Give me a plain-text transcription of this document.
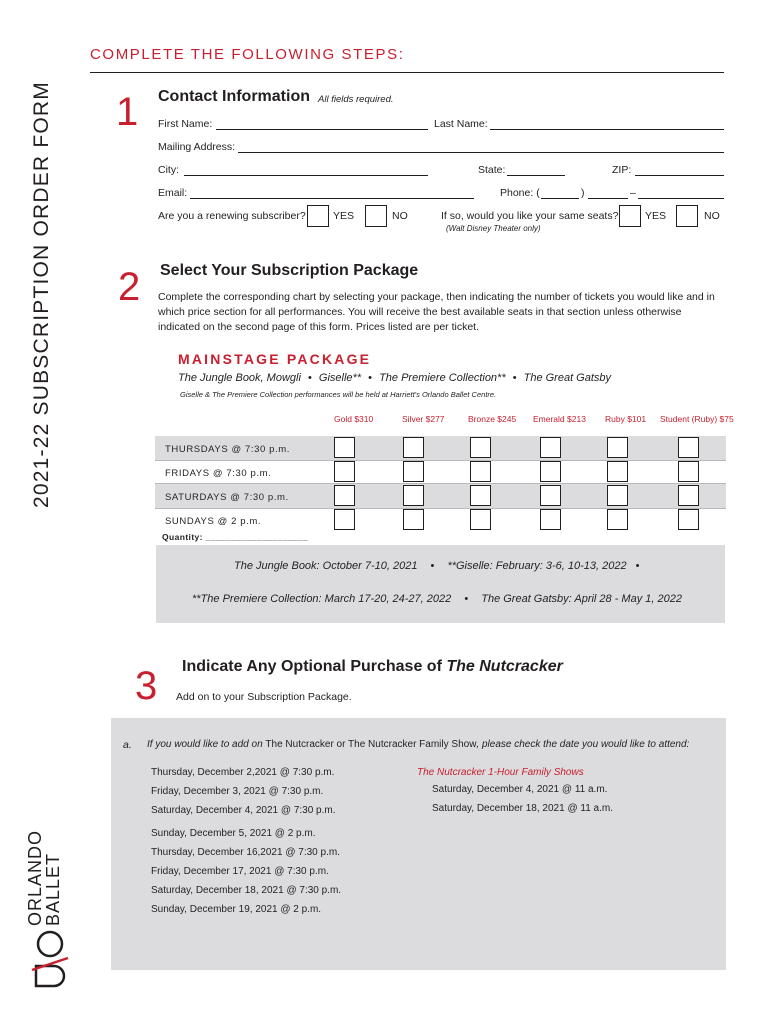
2021-22 SUBSCRIPTION ORDER FORM
ORLANDO
BALLET
COMPLETE THE FOLLOWING STEPS:
1 Contact Information All fields required.
First Name:	Last Name:
Mailing Address:
City:	State:	ZIP:
Email:	Phone: (	)	–
Are you a renewing subscriber?	YES	NO	If so, would you like your same seats?	YES	NO
(Walt Disney Theater only)
2 Select Your Subscription Package
Complete the corresponding chart by selecting your package, then indicating the number of tickets you would like and in which price section for all performances. You will receive the best available seats in that section unless otherwise indicated on the second page of this form. Prices listed are per ticket.
MAINSTAGE PACKAGE
The Jungle Book, Mowgli • Giselle** • The Premiere Collection** • The Great Gatsby
Giselle & The Premiere Collection performances will be held at Harriett's Orlando Ballet Centre.
Gold $310	Silver $277	Bronze $245 Emerald $213 Ruby $101 Student (Ruby) $75
THURSDAYS @ 7:30 p.m.
FRIDAYS @ 7:30 p.m.
SATURDAYS @ 7:30 p.m.
SUNDAYS @ 2 p.m.
Quantity: ____________________
The Jungle Book: October 7-10, 2021 • **Giselle: February: 3-6, 10-13, 2022 •
**The Premiere Collection: March 17-20, 24-27, 2022 • The Great Gatsby: April 28 - May 1, 2022
3 Indicate Any Optional Purchase of The Nutcracker
Add on to your Subscription Package.
a. If you would like to add on The Nutcracker or The Nutcracker Family Show, please check the date you would like to attend:
Thursday, December 2,2021 @ 7:30 p.m.
Friday, December 3, 2021 @ 7:30 p.m.
Saturday, December 4, 2021 @ 7:30 p.m.
Sunday, December 5, 2021 @ 2 p.m.
Thursday, December 16,2021 @ 7:30 p.m.
Friday, December 17, 2021 @ 7:30 p.m.
Saturday, December 18, 2021 @ 7:30 p.m.
Sunday, December 19, 2021 @ 2 p.m.
The Nutcracker 1-Hour Family Shows
Saturday, December 4, 2021 @ 11 a.m.
Saturday, December 18, 2021 @ 11 a.m.
